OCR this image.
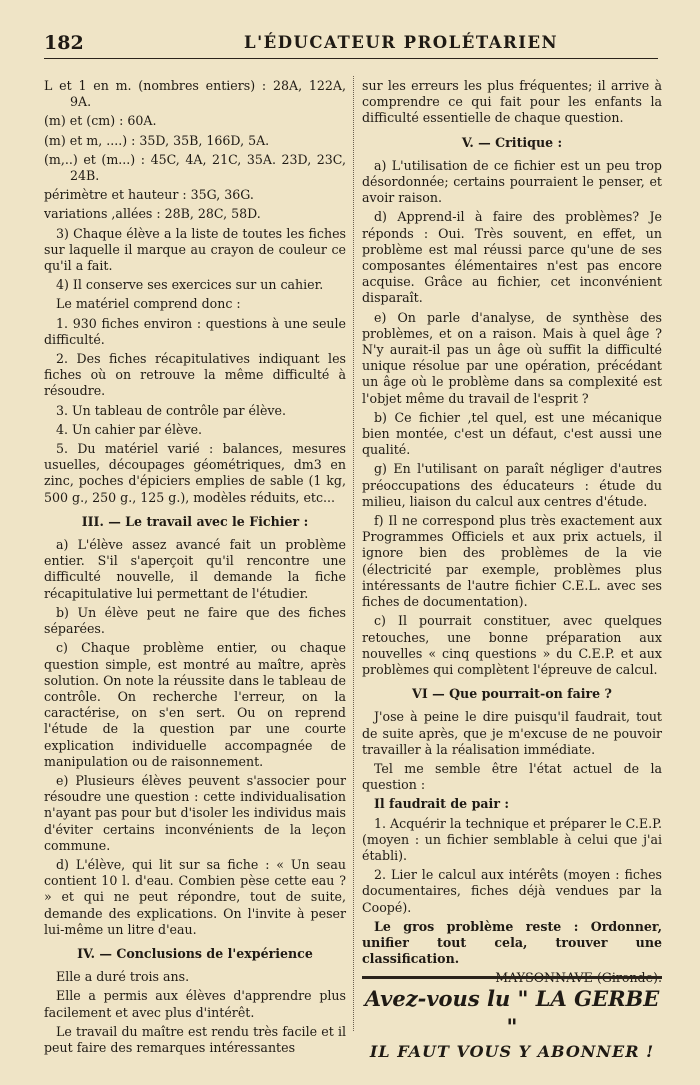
182	L'ÉDUCATEUR PROLÉTARIEN

L et 1 en m. (nombres entiers) : 28A, 122A, 9A.

(m) et (cm) : 60A.

(m) et m, ....) : 35D, 35B, 166D, 5A.

(m,..) et (m...) : 45C, 4A, 21C, 35A. 23D, 23C, 24B.

périmètre et hauteur : 35G, 36G.

variations ,allées : 28B, 28C, 58D.

3) Chaque élève a la liste de toutes les fiches sur laquelle il marque au crayon de couleur ce qu'il a fait.

4) Il conserve ses exercices sur un cahier.

Le matériel comprend donc :

1. 930 fiches environ : questions à une seule difficulté.

2. Des fiches récapitulatives indiquant les fiches où on retrouve la même difficulté à résoudre.

3. Un tableau de contrôle par élève.

4. Un cahier par élève.

5. Du matériel varié : balances, mesures usuelles, découpages géométriques, dm3 en zinc, poches d'épiciers emplies de sable (1 kg, 500 g., 250 g., 125 g.), modèles réduits, etc...

III. — Le travail avec le Fichier :

a) L'élève assez avancé fait un problème entier. S'il s'aperçoit qu'il rencontre une difficulté nouvelle, il demande la fiche récapitulative lui permettant de l'étudier.

b) Un élève peut ne faire que des fiches séparées.

c) Chaque problème entier, ou chaque question simple, est montré au maître, après solution. On note la réussite dans le tableau de contrôle. On recherche l'erreur, on la caractérise, on s'en sert. Ou on reprend l'étude de la question par une courte explication individuelle accompagnée de manipulation ou de raisonnement.

e) Plusieurs élèves peuvent s'associer pour résoudre une question : cette individualisation n'ayant pas pour but d'isoler les individus mais d'éviter certains inconvénients de la leçon commune.

d) L'élève, qui lit sur sa fiche : « Un seau contient 10 l. d'eau. Combien pèse cette eau ? » et qui ne peut répondre, tout de suite, demande des explications. On l'invite à peser lui-même un litre d'eau.

IV. — Conclusions de l'expérience

Elle a duré trois ans.

Elle a permis aux élèves d'apprendre plus facilement et avec plus d'intérêt.

Le travail du maître est rendu très facile et il peut faire des remarques intéressantes

sur les erreurs les plus fréquentes; il arrive à comprendre ce qui fait pour les enfants la difficulté essentielle de chaque question.

V. — Critique :

a) L'utilisation de ce fichier est un peu trop désordonnée; certains pourraient le penser, et avoir raison.

d) Apprend-il à faire des problèmes? Je réponds : Oui. Très souvent, en effet, un problème est mal réussi parce qu'une de ses composantes élémentaires n'est pas encore acquise. Grâce au fichier, cet inconvénient disparaît.

e) On parle d'analyse, de synthèse des problèmes, et on a raison. Mais à quel âge ? N'y aurait-il pas un âge où suffit la difficulté unique résolue par une opération, précédant un âge où le problème dans sa complexité est l'objet même du travail de l'esprit ?

b) Ce fichier ,tel quel, est une mécanique bien montée, c'est un défaut, c'est aussi une qualité.

g) En l'utilisant on paraît négliger d'autres préoccupations des éducateurs : étude du milieu, liaison du calcul aux centres d'étude.

f) Il ne correspond plus très exactement aux Programmes Officiels et aux prix actuels, il ignore bien des problèmes de la vie (électricité par exemple, problèmes plus intéressants de l'autre fichier C.E.L. avec ses fiches de documentation).

c) Il pourrait constituer, avec quelques retouches, une bonne préparation aux nouvelles « cinq questions » du C.E.P. et aux problèmes qui complètent l'épreuve de calcul.

VI — Que pourrait-on faire ?

J'ose à peine le dire puisqu'il faudrait, tout de suite après, que je m'excuse de ne pouvoir travailler à la réalisation immédiate.

Tel me semble être l'état actuel de la question :

Il faudrait de pair :

1. Acquérir la technique et préparer le C.E.P. (moyen : un fichier semblable à celui que j'ai établi).

2. Lier le calcul aux intérêts (moyen : fiches documentaires, fiches déjà vendues par la Coopé).

Le gros problème reste : Ordonner, unifier tout cela, trouver une classification.

MAYSONNAVE (Gironde).

Avez-vous lu " LA GERBE "
IL FAUT VOUS Y ABONNER !
